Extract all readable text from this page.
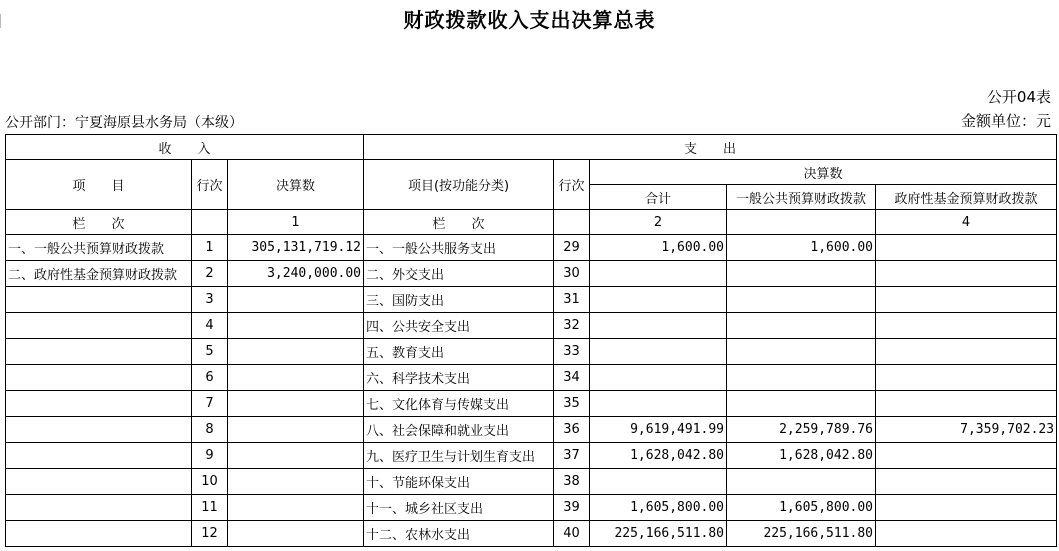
财政拨款收入支出决算总表
公开04表
公开部门：宁夏海原县水务局（本级）	金额单位：元
收　　入			支　　出				
项　　目	行次	决算数	项目(按功能分类)	行次	决算数		
					合计	一般公共预算财政拨款	政府性基金预算财政拨款
栏　　次		1	栏　　次		2		4
一、一般公共预算财政拨款	1	305,131,719.12	一、一般公共服务支出	29	1,600.00	1,600.00	
二、政府性基金预算财政拨款	2	3,240,000.00	二、外交支出	30			
	3		三、国防支出	31			
	4		四、公共安全支出	32			
	5		五、教育支出	33			
	6		六、科学技术支出	34			
	7		七、文化体育与传媒支出	35			
	8		八、社会保障和就业支出	36	9,619,491.99	2,259,789.76	7,359,702.23
	9		九、医疗卫生与计划生育支出	37	1,628,042.80	1,628,042.80	
	10		十、节能环保支出	38			
	11		十一、城乡社区支出	39	1,605,800.00	1,605,800.00	
	12		十二、农林水支出	40	225,166,511.80	225,166,511.80	
